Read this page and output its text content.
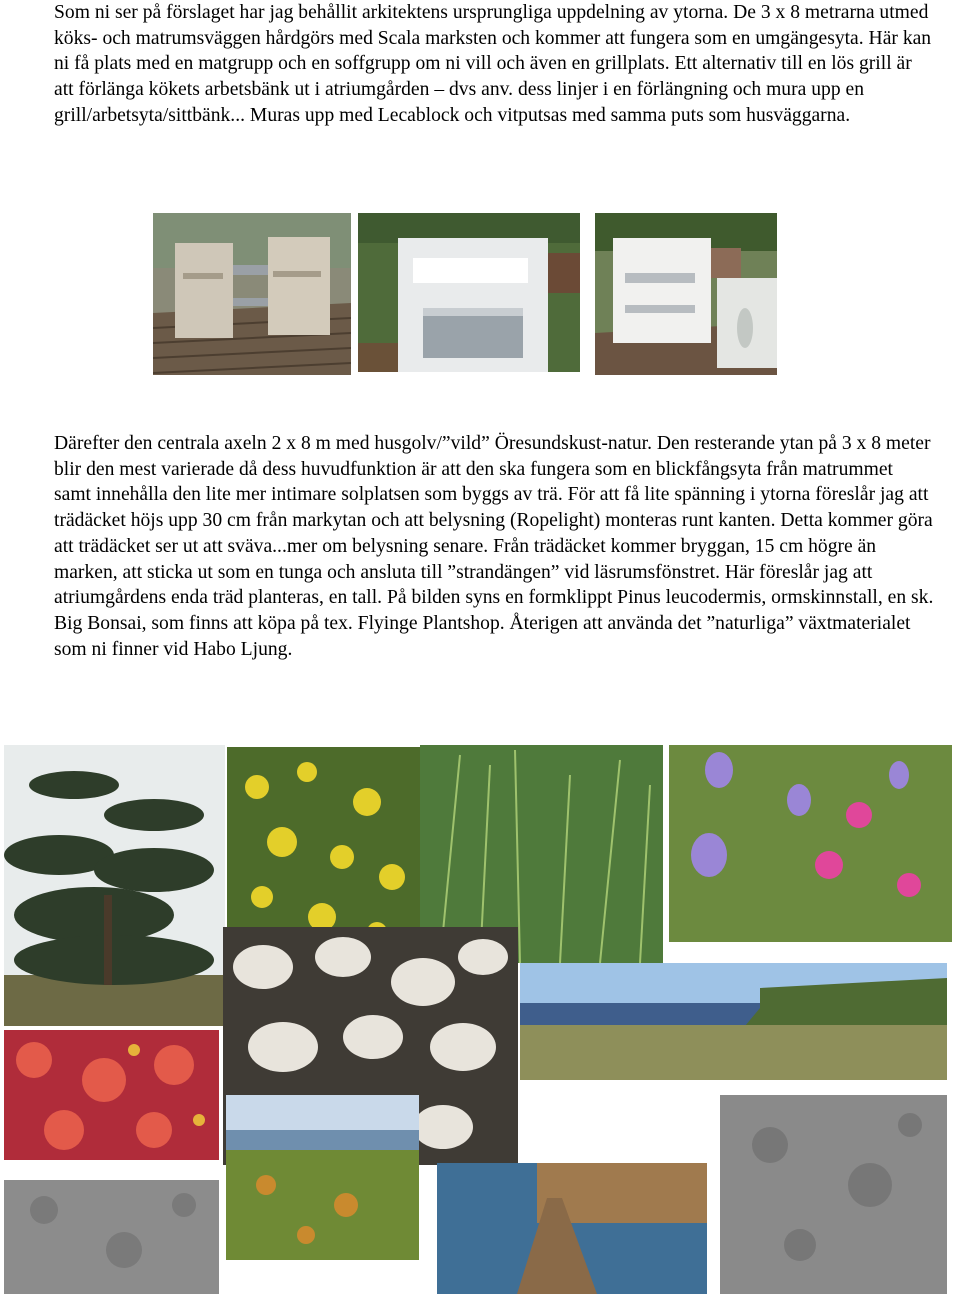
Som ni ser på förslaget har jag behållit arkitektens ursprungliga uppdelning av ytorna. De 3 x 8 metrarna utmed köks- och matrumsväggen hårdgörs med Scala marksten och kommer att fungera som en umgängesyta. Här kan ni få plats med en matgrupp och en soffgrupp om ni vill och även en grillplats. Ett alternativ till en lös grill är att förlänga kökets arbetsbänk ut i atriumgården – dvs anv. dess linjer i en förlängning och mura upp en grill/arbetsyta/sittbänk... Muras upp med Lecablock och vitputsas med samma puts som husväggarna.

Därefter den centrala axeln 2 x 8 m med husgolv/”vild” Öresundskust-natur. Den resterande ytan på 3 x 8 meter blir den mest varierade då dess huvudfunktion är att den ska fungera som en blickfångsyta från matrummet samt innehålla den lite mer intimare solplatsen som byggs av trä. För att få lite spänning i ytorna föreslår jag att trädäcket höjs upp 30 cm från markytan och att belysning (Ropelight) monteras runt kanten. Detta kommer göra att trädäcket ser ut att sväva...mer om belysning senare. Från trädäcket kommer bryggan, 15 cm högre än marken, att sticka ut som en tunga och ansluta till ”strandängen” vid läsrumsfönstret. Här föreslår jag att atriumgårdens enda träd planteras, en tall. På bilden syns en formklippt Pinus leucodermis, ormskinnstall, en sk. Big Bonsai, som finns att köpa på tex. Flyinge Plantshop. Återigen att använda det ”naturliga” växtmaterialet som ni finner vid Habo Ljung.
